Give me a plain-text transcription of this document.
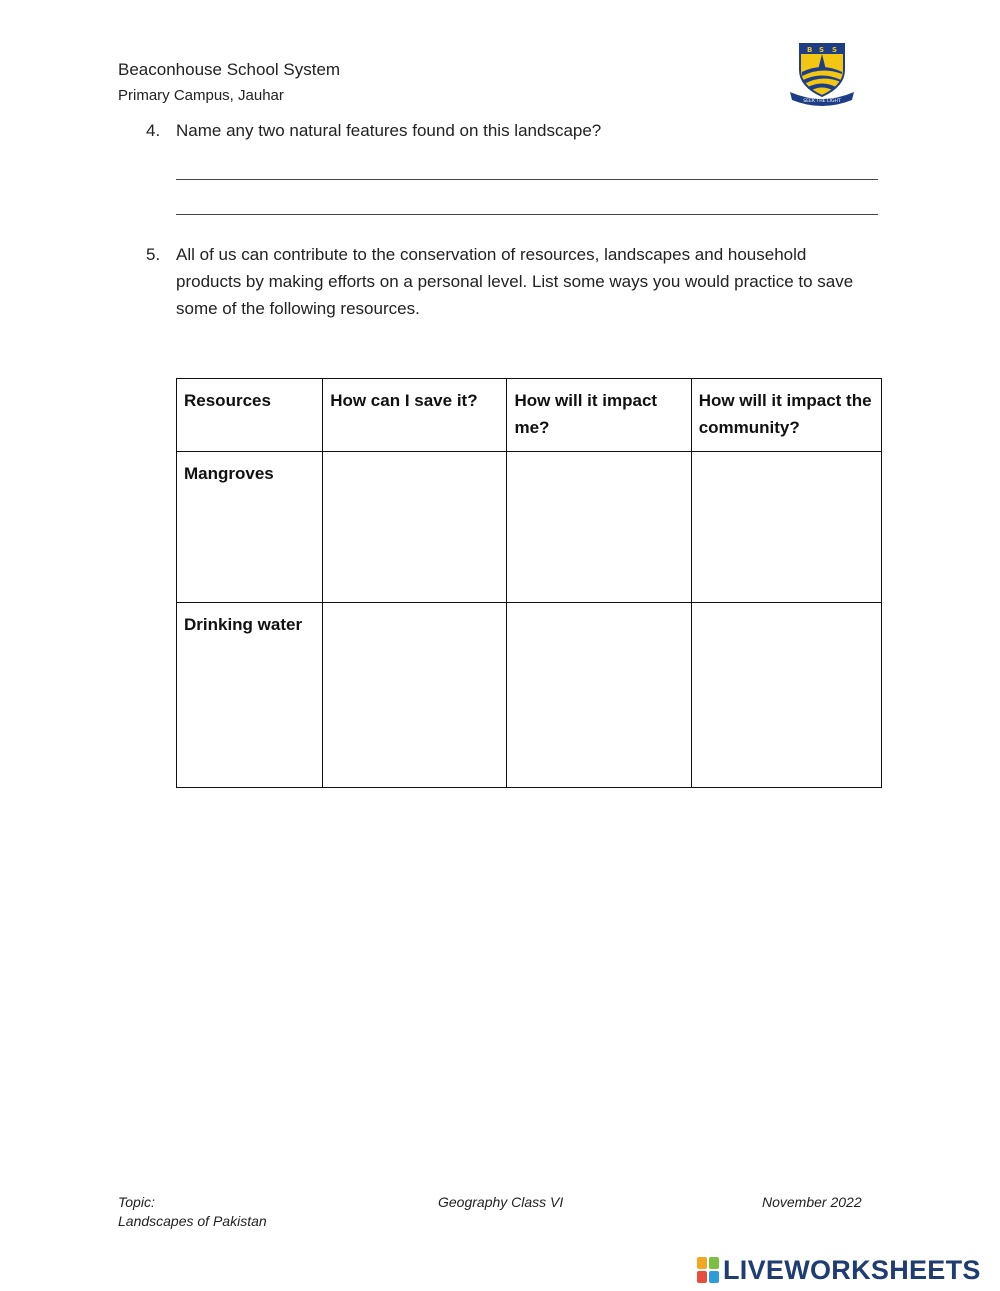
Beaconhouse School System
Primary Campus, Jauhar
B S S
SEEK THE LIGHT
4. Name any two natural features found on this landscape?
5. All of us can contribute to the conservation of resources, landscapes and household products by making efforts on a personal level. List some ways you would practice to save some of the following resources.
Resources	How can I save it?	How will it impact me?	How will it impact the community?
Mangroves			
Drinking water			
Topic:
Landscapes of Pakistan
Geography Class VI	November 2022
LIVEWORKSHEETS
